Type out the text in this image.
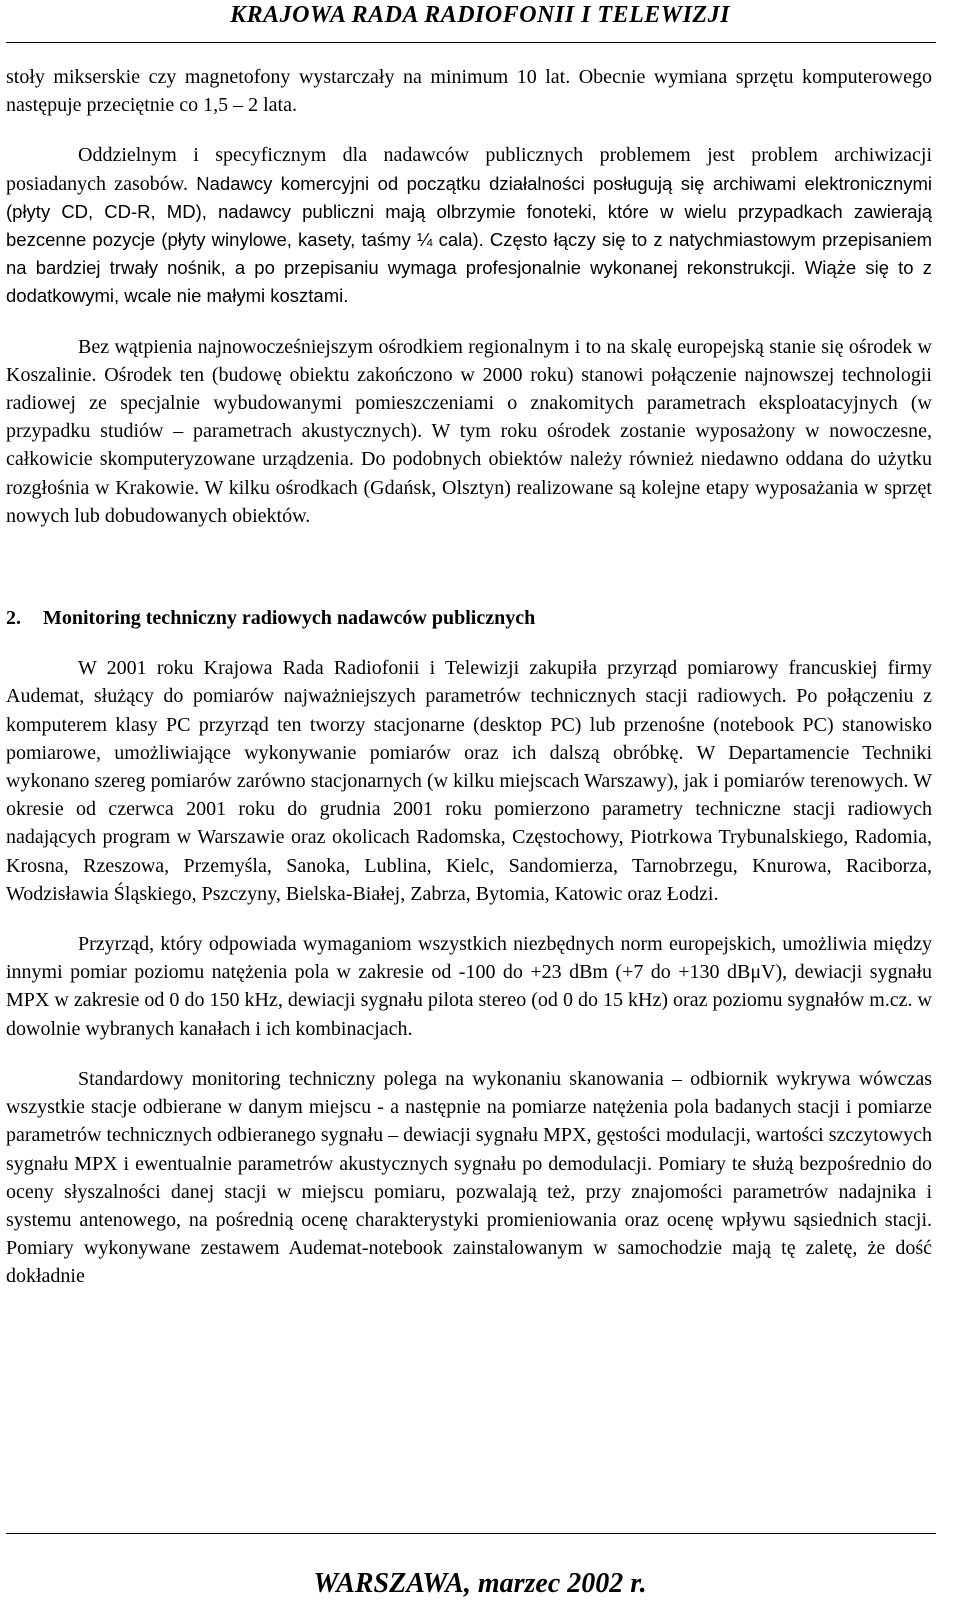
KRAJOWA RADA RADIOFONII I TELEWIZJI

stoły mikserskie czy magnetofony wystarczały na minimum 10 lat. Obecnie wymiana sprzętu komputerowego następuje przeciętnie co 1,5 – 2 lata.

Oddzielnym i specyficznym dla nadawców publicznych problemem jest problem archiwizacji posiadanych zasobów. Nadawcy komercyjni od początku działalności posługują się archiwami elektronicznymi (płyty CD, CD-R, MD), nadawcy publiczni mają olbrzymie fonoteki, które w wielu przypadkach zawierają bezcenne pozycje (płyty winylowe, kasety, taśmy ¼ cala). Często łączy się to z natychmiastowym przepisaniem na bardziej trwały nośnik, a po przepisaniu wymaga profesjonalnie wykonanej rekonstrukcji. Wiąże się to z dodatkowymi, wcale nie małymi kosztami.

Bez wątpienia najnowocześniejszym ośrodkiem regionalnym i to na skalę europejską stanie się ośrodek w Koszalinie. Ośrodek ten (budowę obiektu zakończono w 2000 roku) stanowi połączenie najnowszej technologii radiowej ze specjalnie wybudowanymi pomieszczeniami o znakomitych parametrach eksploatacyjnych (w przypadku studiów – parametrach akustycznych). W tym roku ośrodek zostanie wyposażony w nowoczesne, całkowicie skomputeryzowane urządzenia. Do podobnych obiektów należy również niedawno oddana do użytku rozgłośnia w Krakowie. W kilku ośrodkach (Gdańsk, Olsztyn) realizowane są kolejne etapy wyposażania w sprzęt nowych lub dobudowanych obiektów.

2.	Monitoring techniczny radiowych nadawców publicznych

W 2001 roku Krajowa Rada Radiofonii i Telewizji zakupiła przyrząd pomiarowy francuskiej firmy Audemat, służący do pomiarów najważniejszych parametrów technicznych stacji radiowych. Po połączeniu z komputerem klasy PC przyrząd ten tworzy stacjonarne (desktop PC) lub przenośne (notebook PC) stanowisko pomiarowe, umożliwiające wykonywanie pomiarów oraz ich dalszą obróbkę. W Departamencie Techniki wykonano szereg pomiarów zarówno stacjonarnych (w kilku miejscach Warszawy), jak i pomiarów terenowych. W okresie od czerwca 2001 roku do grudnia 2001 roku pomierzono parametry techniczne stacji radiowych nadających program w Warszawie oraz okolicach Radomska, Częstochowy, Piotrkowa Trybunalskiego, Radomia, Krosna, Rzeszowa, Przemyśla, Sanoka, Lublina, Kielc, Sandomierza, Tarnobrzegu, Knurowa, Raciborza, Wodzisławia Śląskiego, Pszczyny, Bielska-Białej, Zabrza, Bytomia, Katowic oraz Łodzi.

Przyrząd, który odpowiada wymaganiom wszystkich niezbędnych norm europejskich, umożliwia między innymi pomiar poziomu natężenia pola w zakresie od -100 do +23 dBm (+7 do +130 dBμV), dewiacji sygnału MPX w zakresie od 0 do 150 kHz, dewiacji sygnału pilota stereo (od 0 do 15 kHz) oraz poziomu sygnałów m.cz. w dowolnie wybranych kanałach i ich kombinacjach.

Standardowy monitoring techniczny polega na wykonaniu skanowania – odbiornik wykrywa wówczas wszystkie stacje odbierane w danym miejscu - a następnie na pomiarze natężenia pola badanych stacji i pomiarze parametrów technicznych odbieranego sygnału – dewiacji sygnału MPX, gęstości modulacji, wartości szczytowych sygnału MPX i ewentualnie parametrów akustycznych sygnału po demodulacji. Pomiary te służą bezpośrednio do oceny słyszalności danej stacji w miejscu pomiaru, pozwalają też, przy znajomości parametrów nadajnika i systemu antenowego, na pośrednią ocenę charakterystyki promieniowania oraz ocenę wpływu sąsiednich stacji. Pomiary wykonywane zestawem Audemat-notebook zainstalowanym w samochodzie mają tę zaletę, że dość dokładnie

WARSZAWA, marzec 2002 r.
